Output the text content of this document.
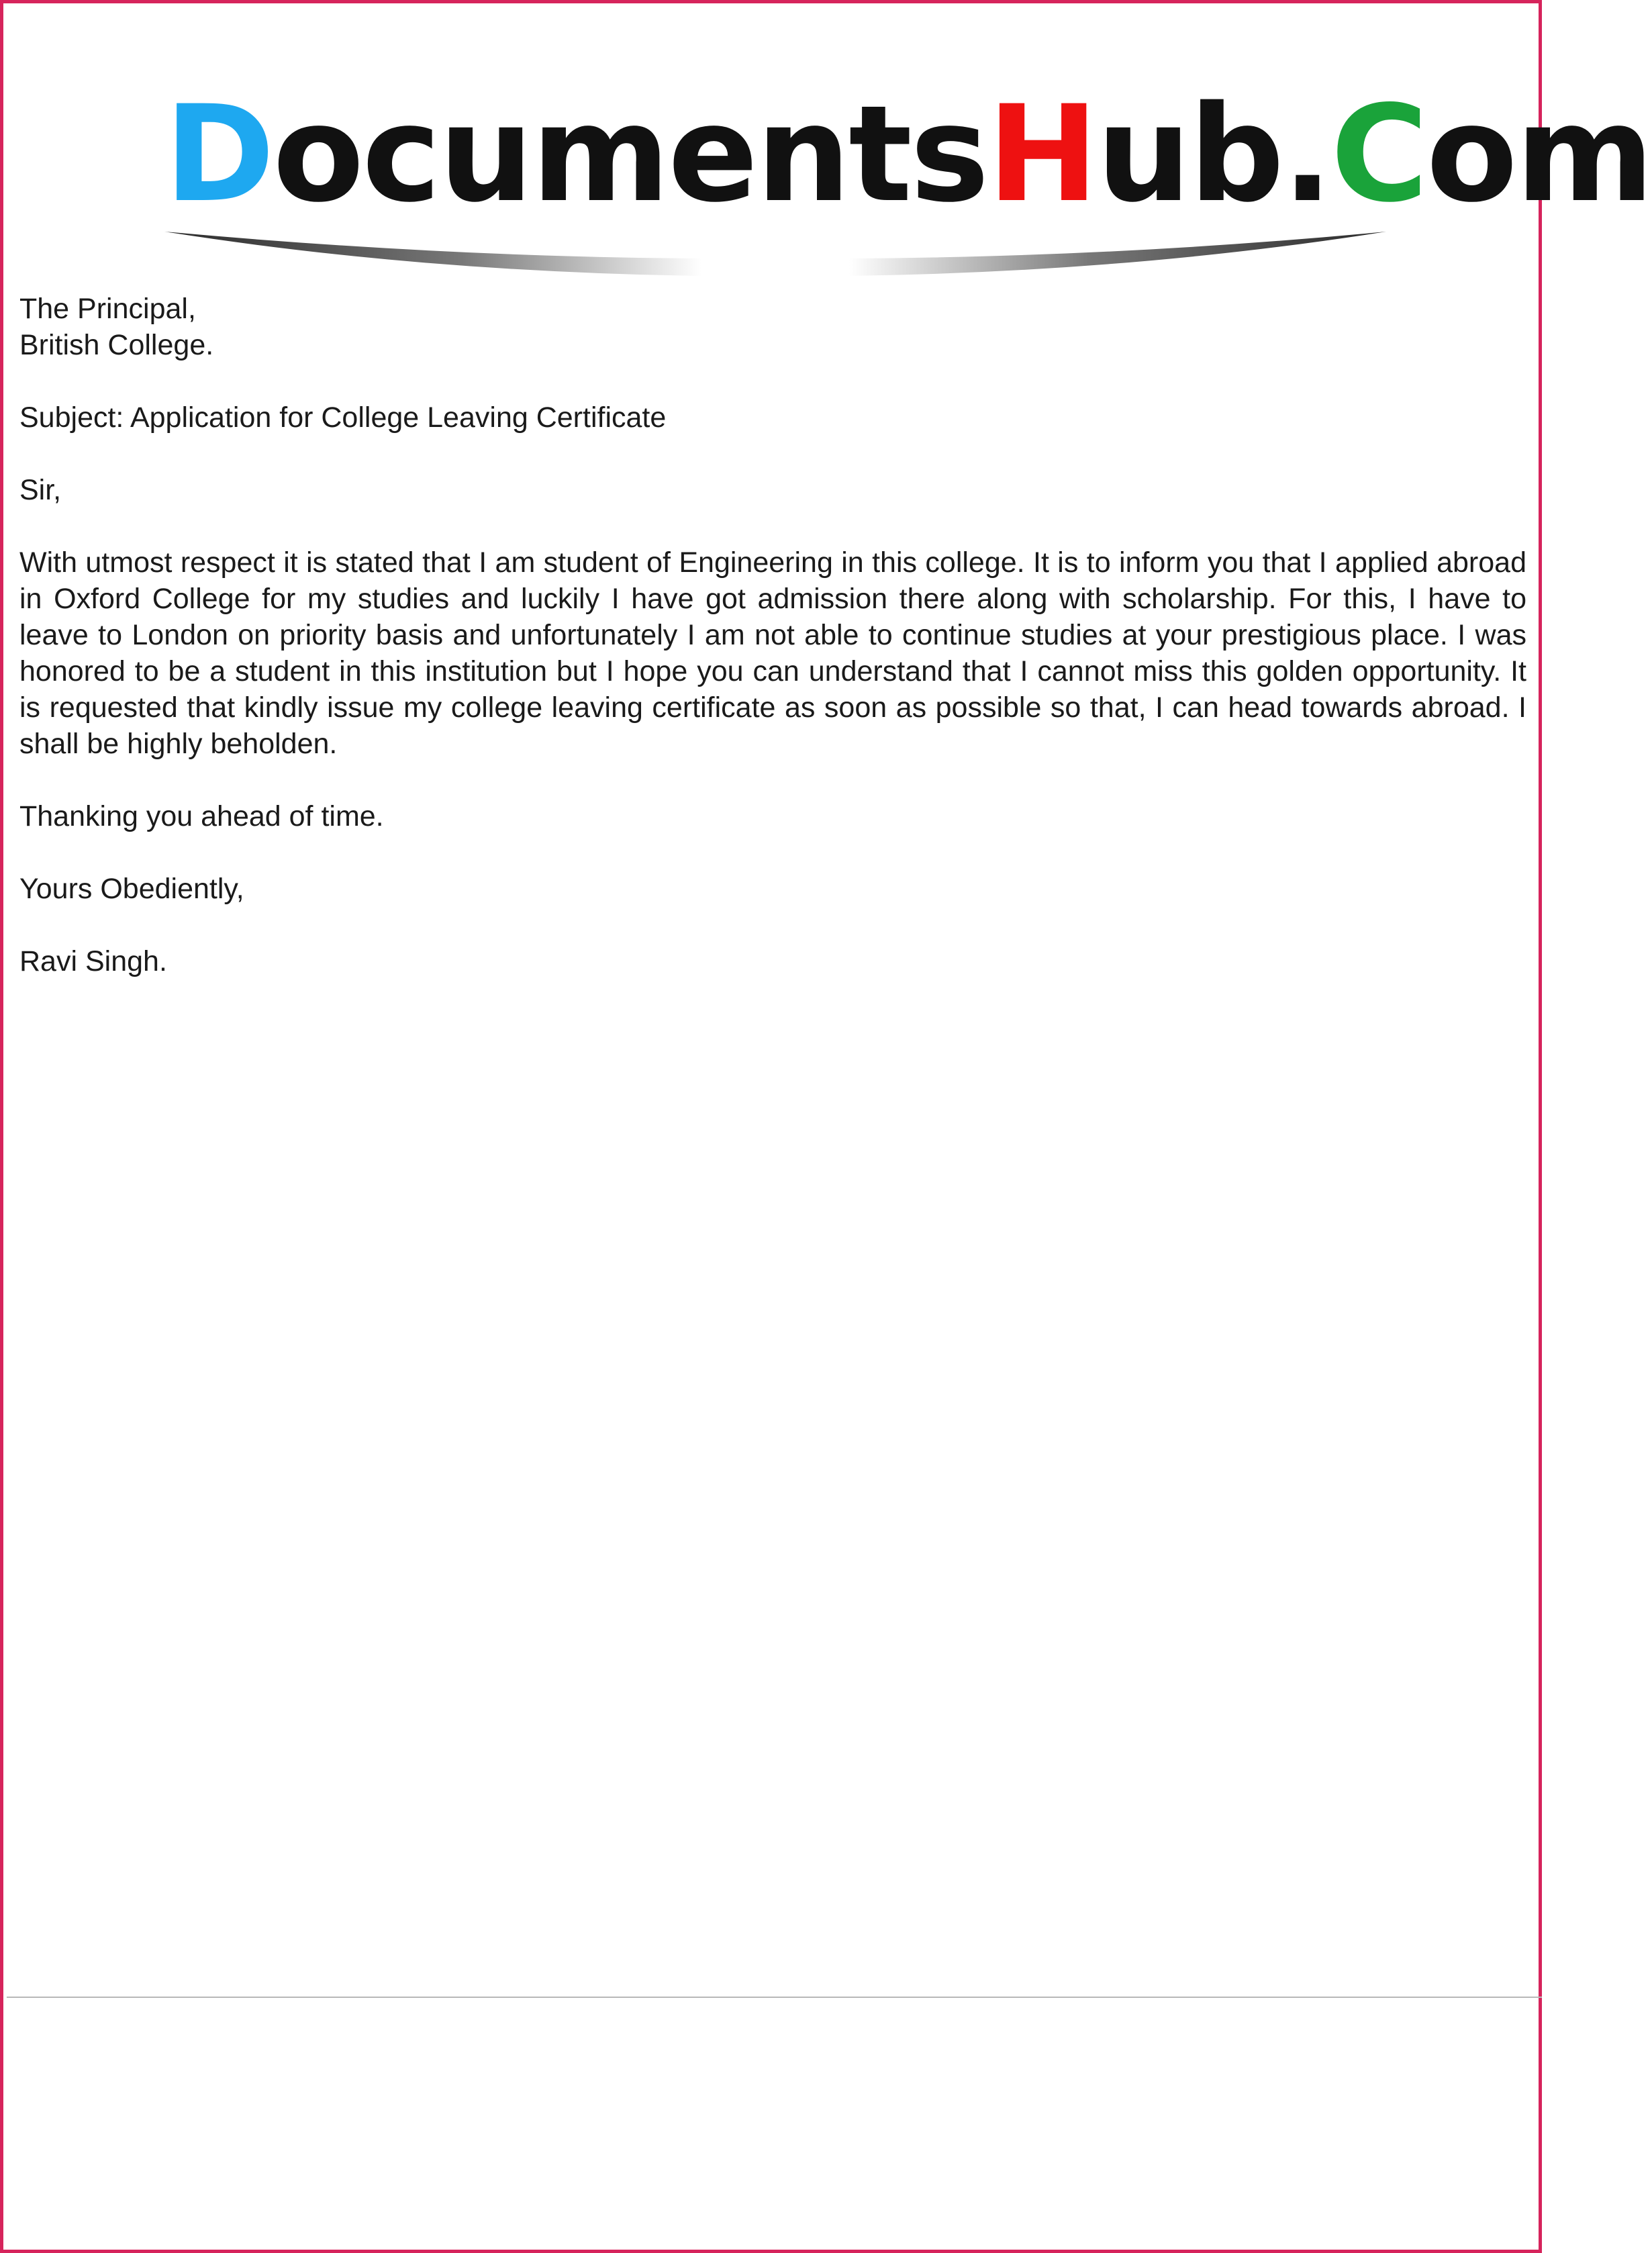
DocumentsHub.Com

The Principal,
British College.

Subject: Application for College Leaving Certificate

Sir,

With utmost respect it is stated that I am student of Engineering in this college. It is to inform you that I applied abroad in Oxford College for my studies and luckily I have got admission there along with scholarship. For this, I have to leave to London on priority basis and unfortunately I am not able to continue studies at your prestigious place. I was honored to be a student in this institution but I hope you can understand that I cannot miss this golden opportunity. It is requested that kindly issue my college leaving certificate as soon as possible so that, I can head towards abroad. I shall be highly beholden.

Thanking you ahead of time.

Yours Obediently,

Ravi Singh.
